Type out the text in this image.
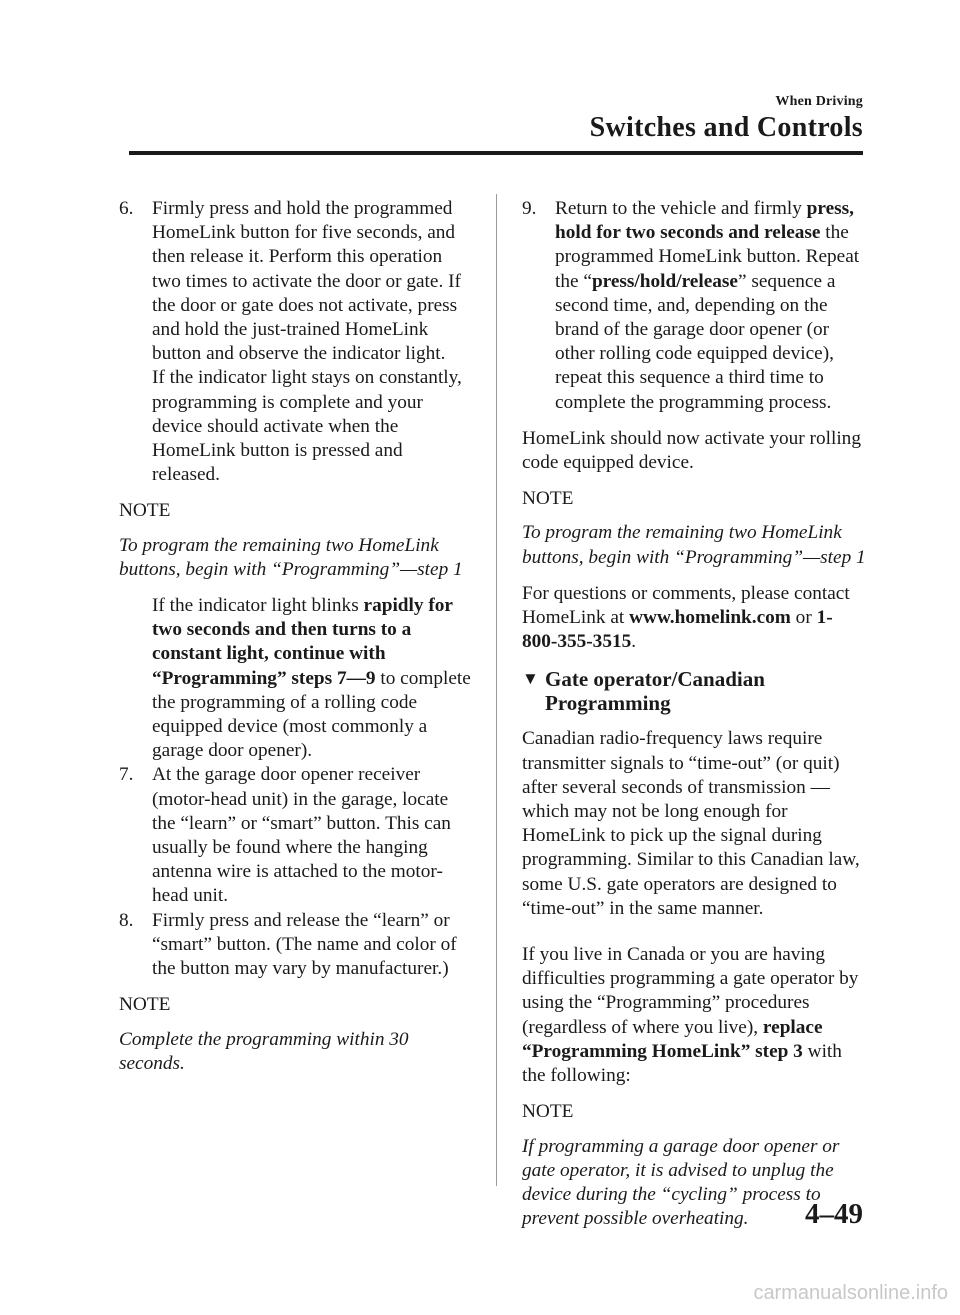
When Driving
Switches and Controls
6. Firmly press and hold the programmed HomeLink button for five seconds, and then release it. Perform this operation two times to activate the door or gate. If the door or gate does not activate, press and hold the just-trained HomeLink button and observe the indicator light.

If the indicator light stays on constantly, programming is complete and your device should activate when the HomeLink button is pressed and released.

NOTE

To program the remaining two HomeLink buttons, begin with “Programming”—step 1

If the indicator light blinks rapidly for two seconds and then turns to a constant light, continue with “Programming” steps 7—9 to complete the programming of a rolling code equipped device (most commonly a garage door opener).

7. At the garage door opener receiver (motor-head unit) in the garage, locate the “learn” or “smart” button. This can usually be found where the hanging antenna wire is attached to the motor-head unit.

8. Firmly press and release the “learn” or “smart” button. (The name and color of the button may vary by manufacturer.)

NOTE

Complete the programming within 30 seconds.

9. Return to the vehicle and firmly press, hold for two seconds and release the programmed HomeLink button. Repeat the “press/hold/release” sequence a second time, and, depending on the brand of the garage door opener (or other rolling code equipped device), repeat this sequence a third time to complete the programming process.

HomeLink should now activate your rolling code equipped device.

NOTE

To program the remaining two HomeLink buttons, begin with “Programming”—step 1

For questions or comments, please contact HomeLink at www.homelink.com or 1-800-355-3515.

▼ Gate operator/Canadian Programming

Canadian radio-frequency laws require transmitter signals to “time-out” (or quit) after several seconds of transmission — which may not be long enough for HomeLink to pick up the signal during programming. Similar to this Canadian law, some U.S. gate operators are designed to “time-out” in the same manner.

If you live in Canada or you are having difficulties programming a gate operator by using the “Programming” procedures (regardless of where you live), replace “Programming HomeLink” step 3 with the following:

NOTE

If programming a garage door opener or gate operator, it is advised to unplug the device during the “cycling” process to prevent possible overheating.	4–49
carmanualsonline.info
